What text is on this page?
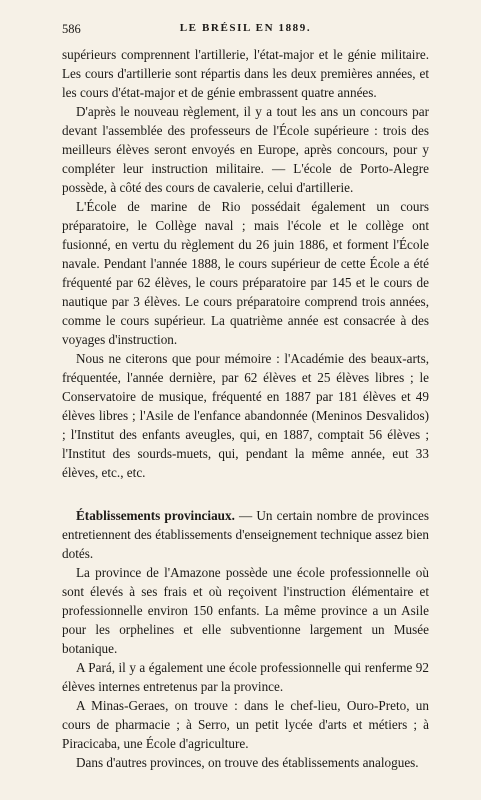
586	LE BRÉSIL EN 1889.

supérieurs comprennent l'artillerie, l'état-major et le génie militaire. Les cours d'artillerie sont répartis dans les deux premières années, et les cours d'état-major et de génie embrassent quatre années.

D'après le nouveau règlement, il y a tout les ans un concours par devant l'assemblée des professeurs de l'École supérieure : trois des meilleurs élèves seront envoyés en Europe, après concours, pour y compléter leur instruction militaire. — L'école de Porto-Alegre possède, à côté des cours de cavalerie, celui d'artillerie.

L'École de marine de Rio possédait également un cours préparatoire, le Collège naval ; mais l'école et le collège ont fusionné, en vertu du règlement du 26 juin 1886, et forment l'École navale. Pendant l'année 1888, le cours supérieur de cette École a été fréquenté par 62 élèves, le cours préparatoire par 145 et le cours de nautique par 3 élèves. Le cours préparatoire comprend trois années, comme le cours supérieur. La quatrième année est consacrée à des voyages d'instruction.

Nous ne citerons que pour mémoire : l'Académie des beaux-arts, fréquentée, l'année dernière, par 62 élèves et 25 élèves libres ; le Conservatoire de musique, fréquenté en 1887 par 181 élèves et 49 élèves libres ; l'Asile de l'enfance abandonnée (Meninos Desvalidos) ; l'Institut des enfants aveugles, qui, en 1887, comptait 56 élèves ; l'Institut des sourds-muets, qui, pendant la même année, eut 33 élèves, etc., etc.

Établissements provinciaux. — Un certain nombre de provinces entretiennent des établissements d'enseignement technique assez bien dotés.

La province de l'Amazone possède une école professionnelle où sont élevés à ses frais et où reçoivent l'instruction élémentaire et professionnelle environ 150 enfants. La même province a un Asile pour les orphelines et elle subventionne largement un Musée botanique.

A Pará, il y a également une école professionnelle qui renferme 92 élèves internes entretenus par la province.

A Minas-Geraes, on trouve : dans le chef-lieu, Ouro-Preto, un cours de pharmacie ; à Serro, un petit lycée d'arts et métiers ; à Piracicaba, une École d'agriculture.

Dans d'autres provinces, on trouve des établissements analogues.
